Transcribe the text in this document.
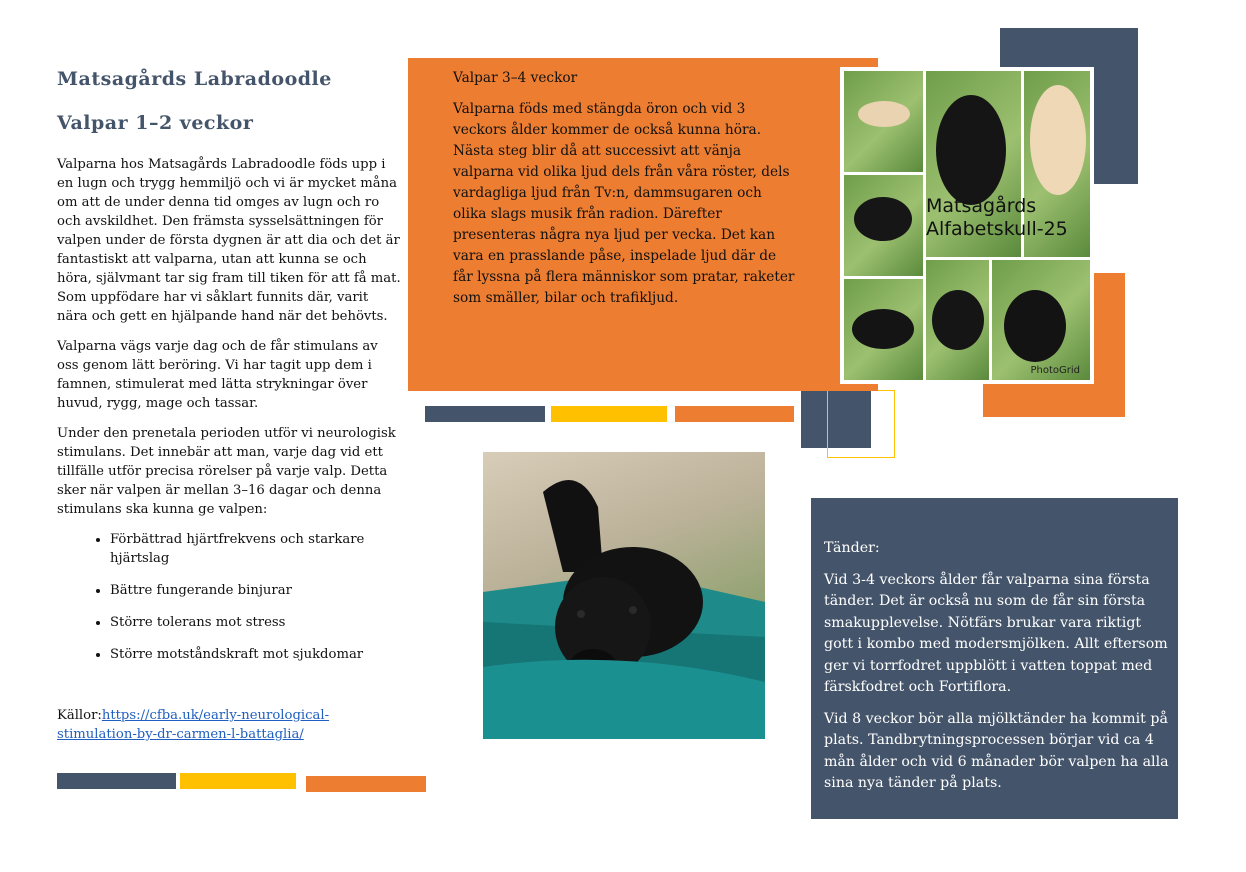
Valpar 3–4 veckor

Valparna föds med stängda öron och vid 3 veckors ålder kommer de också kunna höra. Nästa steg blir då att successivt att vänja valparna vid olika ljud dels från våra röster, dels vardagliga ljud från Tv:n, dammsugaren och olika slags musik från radion. Därefter presenteras några nya ljud per vecka. Det kan vara en prasslande påse, inspelade ljud där de får lyssna på flera människor som pratar, raketer som smäller, bilar och trafikljud.

Matsagårds
Alfabetskull-25
PhotoGrid
Matsagårds Labradoodle
Valpar 1–2 veckor

Valparna hos Matsagårds Labradoodle föds upp i en lugn och trygg hemmiljö och vi är mycket måna om att de under denna tid omges av lugn och ro och avskildhet. Den främsta sysselsättningen för valpen under de första dygnen är att dia och det är fantastiskt att valparna, utan att kunna se och höra, självmant tar sig fram till tiken för att få mat. Som uppfödare har vi såklart funnits där, varit nära och gett en hjälpande hand när det behövts.

Valparna vägs varje dag och de får stimulans av oss genom lätt beröring. Vi har tagit upp dem i famnen, stimulerat med lätta strykningar över huvud, rygg, mage och tassar.

Under den prenetala perioden utför vi neurologisk stimulans. Det innebär att man, varje dag vid ett tillfälle utför precisa rörelser på varje valp. Detta sker när valpen är mellan 3–16 dagar och denna stimulans ska kunna ge valpen:

• Förbättrad hjärtfrekvens och starkare hjärtslag
• Bättre fungerande binjurar
• Större tolerans mot stress
• Större motståndskraft mot sjukdomar
Källor:https://cfba.uk/early-neurological-stimulation-by-dr-carmen-l-battaglia/

Tänder:

Vid 3-4 veckors ålder får valparna sina första tänder. Det är också nu som de får sin första smakupplevelse. Nötfärs brukar vara riktigt gott i kombo med modersmjölken. Allt eftersom ger vi torrfodret uppblött i vatten toppat med färskfodret och Fortiflora.

Vid 8 veckor bör alla mjölktänder ha kommit på plats. Tandbrytningsprocessen börjar vid ca 4 mån ålder och vid 6 månader bör valpen ha alla sina nya tänder på plats.
